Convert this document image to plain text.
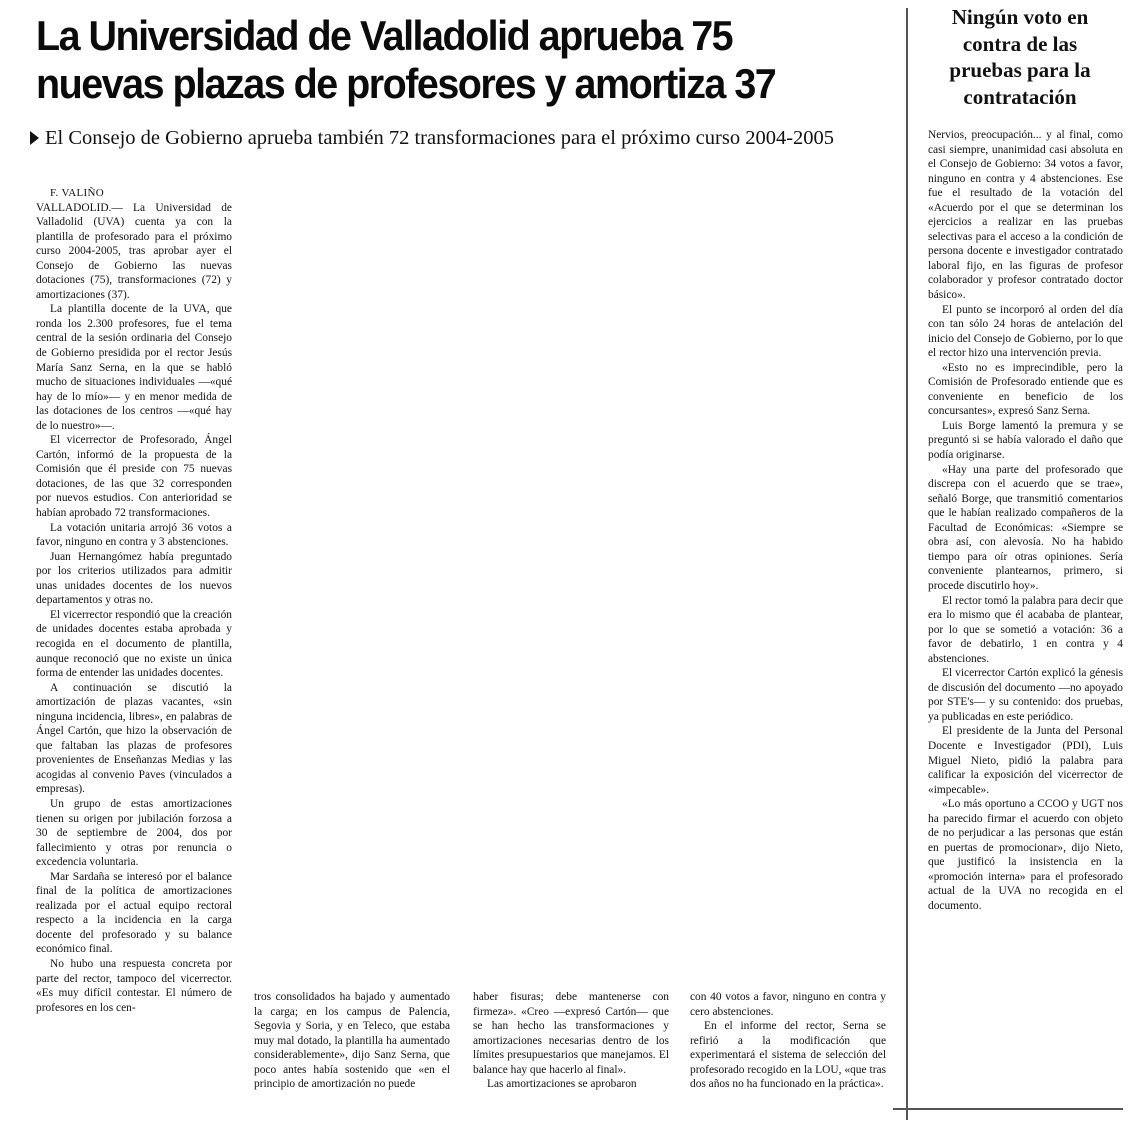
La Universidad de Valladolid aprueba 75
nuevas plazas de profesores y amortiza 37
El Consejo de Gobierno aprueba también 72 transformaciones para el próximo curso 2004-2005

F. VALIÑO

VALLADOLID.— La Universidad de Valladolid (UVA) cuenta ya con la plantilla de profesorado para el próximo curso 2004-2005, tras aprobar ayer el Consejo de Gobierno las nuevas dotaciones (75), transformaciones (72) y amortizaciones (37).

La plantilla docente de la UVA, que ronda los 2.300 profesores, fue el tema central de la sesión ordinaria del Consejo de Gobierno presidida por el rector Jesús María Sanz Serna, en la que se habló mucho de situaciones individuales —«qué hay de lo mío»— y en menor medida de las dotaciones de los centros —«qué hay de lo nuestro»—.

El vicerrector de Profesorado, Ángel Cartón, informó de la propuesta de la Comisión que él preside con 75 nuevas dotaciones, de las que 32 corresponden por nuevos estudios. Con anterioridad se habían aprobado 72 transformaciones.

La votación unitaria arrojó 36 votos a favor, ninguno en contra y 3 abstenciones.

Juan Hernangómez había preguntado por los criterios utilizados para admitir unas unidades docentes de los nuevos departamentos y otras no.

El vicerrector respondió que la creación de unidades docentes estaba aprobada y recogida en el documento de plantilla, aunque reconoció que no existe un única forma de entender las unidades docentes.

A continuación se discutió la amortización de plazas vacantes, «sin ninguna incidencia, libres», en palabras de Ángel Cartón, que hizo la observación de que faltaban las plazas de profesores provenientes de Enseñanzas Medias y las acogidas al convenio Paves (vinculados a empresas).

Un grupo de estas amortizaciones tienen su origen por jubilación forzosa a 30 de septiembre de 2004, dos por fallecimiento y otras por renuncia o excedencia voluntaria.

Mar Sardaña se interesó por el balance final de la política de amortizaciones realizada por el actual equipo rectoral respecto a la incidencia en la carga docente del profesorado y su balance económico final.

No hubo una respuesta concreta por parte del rector, tampoco del vicerrector. «Es muy difícil contestar. El número de profesores en los cen-

tros consolidados ha bajado y aumentado la carga; en los campus de Palencia, Segovia y Soria, y en Teleco, que estaba muy mal dotado, la plantilla ha aumentado considerablemente», dijo Sanz Serna, que poco antes había sostenido que «en el principio de amortización no puede

haber fisuras; debe mantenerse con firmeza». «Creo —expresó Cartón— que se han hecho las transformaciones y amortizaciones necesarias dentro de los límites presupuestarios que manejamos. El balance hay que hacerlo al final».

Las amortizaciones se aprobaron

con 40 votos a favor, ninguno en contra y cero abstenciones.

En el informe del rector, Serna se refirió a la modificación que experimentará el sistema de selección del profesorado recogido en la LOU, «que tras dos años no ha funcionado en la práctica».

Ningún voto en
contra de las
pruebas para la
contratación

Nervios, preocupación... y al final, como casi siempre, unanimidad casi absoluta en el Consejo de Gobierno: 34 votos a favor, ninguno en contra y 4 abstenciones. Ese fue el resultado de la votación del «Acuerdo por el que se determinan los ejercicios a realizar en las pruebas selectivas para el acceso a la condición de persona docente e investigador contratado laboral fijo, en las figuras de profesor colaborador y profesor contratado doctor básico».

El punto se incorporó al orden del día con tan sólo 24 horas de antelación del inicio del Consejo de Gobierno, por lo que el rector hizo una intervención previa.

«Esto no es imprecindible, pero la Comisión de Profesorado entiende que es conveniente en beneficio de los concursantes», expresó Sanz Serna.

Luis Borge lamentó la premura y se preguntó si se había valorado el daño que podía originarse.

«Hay una parte del profesorado que discrepa con el acuerdo que se trae», señaló Borge, que transmitió comentarios que le habían realizado compañeros de la Facultad de Económicas: «Siempre se obra así, con alevosía. No ha habido tiempo para oír otras opiniones. Sería conveniente plantearnos, primero, si procede discutirlo hoy».

El rector tomó la palabra para decir que era lo mismo que él acababa de plantear, por lo que se sometió a votación: 36 a favor de debatirlo, 1 en contra y 4 abstenciones.

El vicerrector Cartón explicó la génesis de discusión del documento —no apoyado por STE's— y su contenido: dos pruebas, ya publicadas en este periódico.

El presidente de la Junta del Personal Docente e Investigador (PDI), Luis Miguel Nieto, pidió la palabra para calificar la exposición del vicerrector de «impecable».

«Lo más oportuno a CCOO y UGT nos ha parecido firmar el acuerdo con objeto de no perjudicar a las personas que están en puertas de promocionar», dijo Nieto, que justificó la insistencia en la «promoción interna» para el profesorado actual de la UVA no recogida en el documento.
